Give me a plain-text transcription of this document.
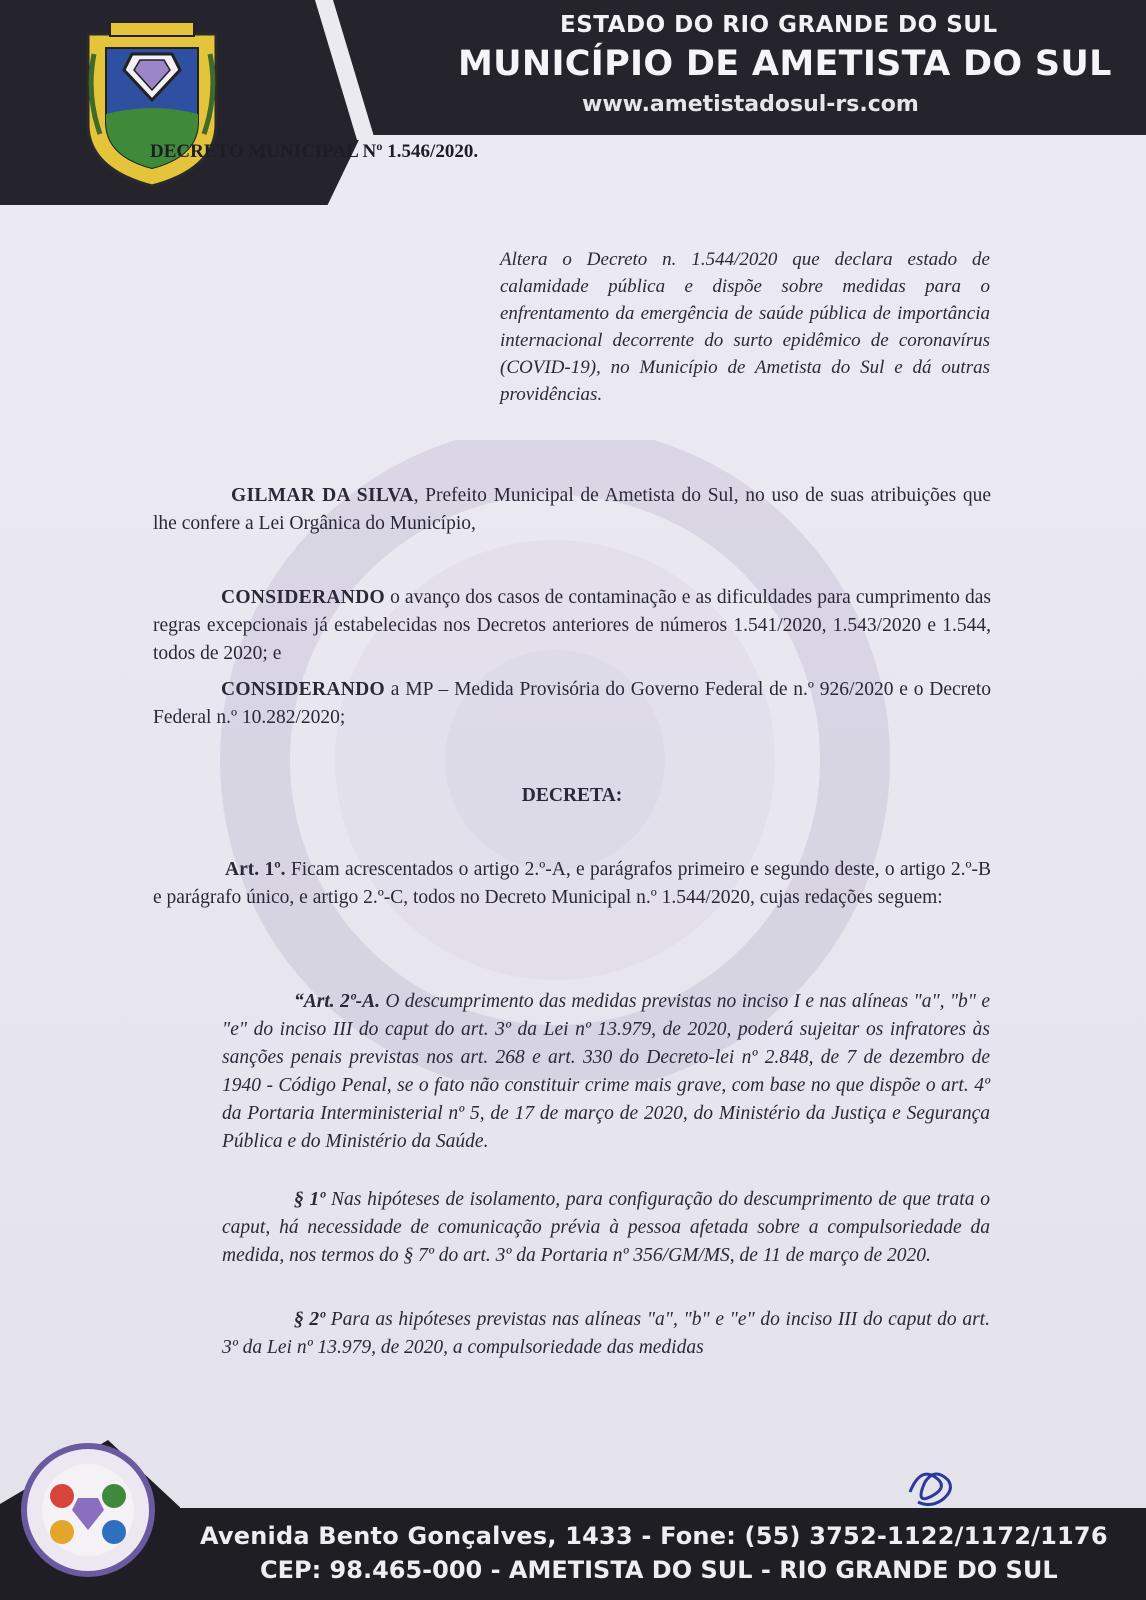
ESTADO DO RIO GRANDE DO SUL
MUNICÍPIO DE AMETISTA DO SUL
www.ametistadosul-rs.com
DECRETO MUNICIPAL Nº 1.546/2020.
Altera o Decreto n. 1.544/2020 que declara estado de calamidade pública e dispõe sobre medidas para o enfrentamento da emergência de saúde pública de importância internacional decorrente do surto epidêmico de coronavírus (COVID-19), no Município de Ametista do Sul e dá outras providências.
GILMAR DA SILVA, Prefeito Municipal de Ametista do Sul, no uso de suas atribuições que lhe confere a Lei Orgânica do Município,
CONSIDERANDO o avanço dos casos de contaminação e as dificuldades para cumprimento das regras excepcionais já estabelecidas nos Decretos anteriores de números 1.541/2020, 1.543/2020 e 1.544, todos de 2020; e
CONSIDERANDO a MP – Medida Provisória do Governo Federal de n.º 926/2020 e o Decreto Federal n.º 10.282/2020;
DECRETA:
Art. 1º. Ficam acrescentados o artigo 2.º-A, e parágrafos primeiro e segundo deste, o artigo 2.º-B e parágrafo único, e artigo 2.º-C, todos no Decreto Municipal n.º 1.544/2020, cujas redações seguem:
“Art. 2º-A. O descumprimento das medidas previstas no inciso I e nas alíneas "a", "b" e "e" do inciso III do caput do art. 3º da Lei nº 13.979, de 2020, poderá sujeitar os infratores às sanções penais previstas nos art. 268 e art. 330 do Decreto-lei nº 2.848, de 7 de dezembro de 1940 - Código Penal, se o fato não constituir crime mais grave, com base no que dispõe o art. 4º da Portaria Interministerial nº 5, de 17 de março de 2020, do Ministério da Justiça e Segurança Pública e do Ministério da Saúde.
§ 1º Nas hipóteses de isolamento, para configuração do descumprimento de que trata o caput, há necessidade de comunicação prévia à pessoa afetada sobre a compulsoriedade da medida, nos termos do § 7º do art. 3º da Portaria nº 356/GM/MS, de 11 de março de 2020.
§ 2º Para as hipóteses previstas nas alíneas "a", "b" e "e" do inciso III do caput do art. 3º da Lei nº 13.979, de 2020, a compulsoriedade das medidas
Avenida Bento Gonçalves, 1433 - Fone: (55) 3752-1122/1172/1176
CEP: 98.465-000 - AMETISTA DO SUL - RIO GRANDE DO SUL
